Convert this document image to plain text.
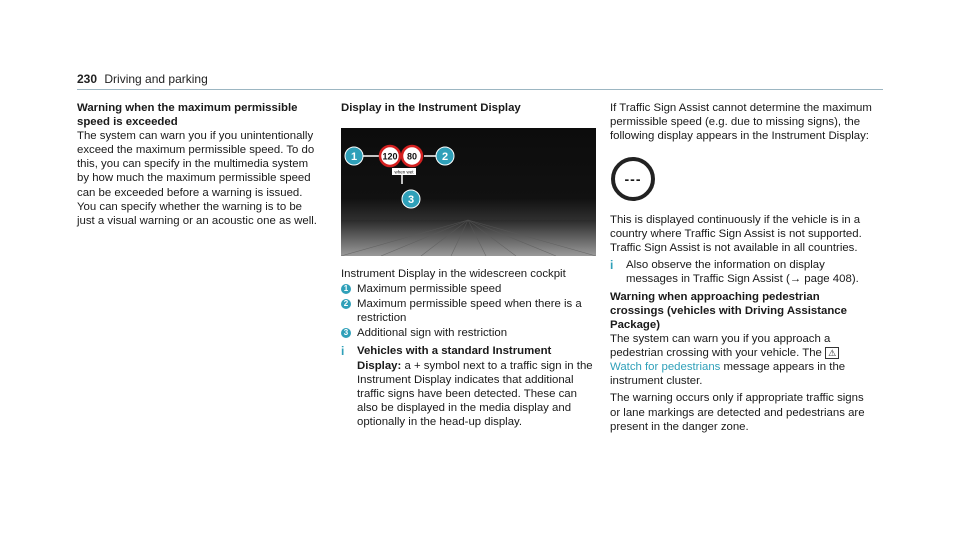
230 Driving and parking

Warning when the maximum permissible speed is exceeded

The system can warn you if you unintentionally exceed the maximum permissible speed. To do this, you can specify in the multimedia system by how much the maximum permissible speed can be exceeded before a warning is issued. You can specify whether the warning is to be just a visual warning or an acoustic one as well.

Display in the Instrument Display

120 80
when wet
1	2
3

Instrument Display in the widescreen cockpit

1 Maximum permissible speed
2 Maximum permissible speed when there is a restriction
3 Additional sign with restriction
i	Vehicles with a standard Instrument Display: a + symbol next to a traffic sign in the Instrument Display indicates that additional traffic signs have been detected. These can also be displayed in the media display and optionally in the head-up display.

If Traffic Sign Assist cannot determine the maximum permissible speed (e.g. due to missing signs), the following display appears in the Instrument Display:

---

This is displayed continuously if the vehicle is in a country where Traffic Sign Assist is not supported. Traffic Sign Assist is not available in all countries.

i	Also observe the information on display messages in Traffic Sign Assist (→ page 408).

Warning when approaching pedestrian crossings (vehicles with Driving Assistance Package)

The system can warn you if you approach a pedestrian crossing with your vehicle. The ⚠ Watch for pedestrians message appears in the instrument cluster.

The warning occurs only if appropriate traffic signs or lane markings are detected and pedestrians are present in the danger zone.
